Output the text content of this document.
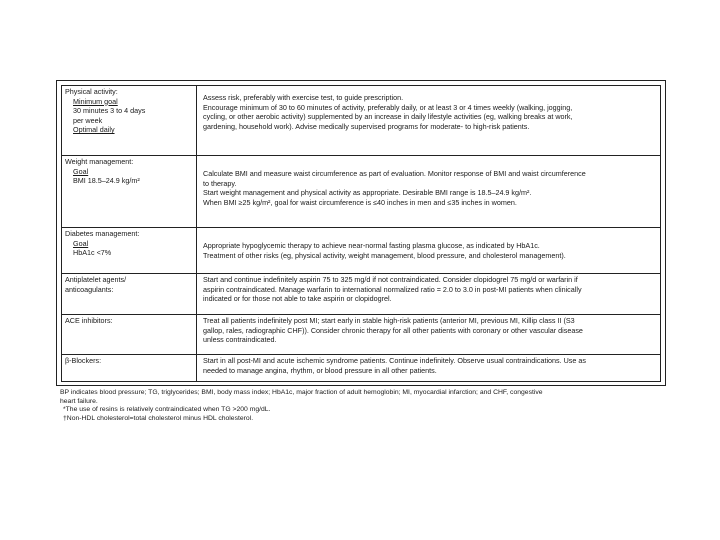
Physical activity:
Minimum goal
30 minutes 3 to 4 days
per week
Optimal daily
Assess risk, preferably with exercise test, to guide prescription.
Encourage minimum of 30 to 60 minutes of activity, preferably daily, or at least 3 or 4 times weekly (walking, jogging,
cycling, or other aerobic activity) supplemented by an increase in daily lifestyle activities (eg, walking breaks at work,
gardening, household work). Advise medically supervised programs for moderate- to high-risk patients.
Weight management:
Goal
BMI 18.5–24.9 kg/m²
Calculate BMI and measure waist circumference as part of evaluation. Monitor response of BMI and waist circumference
to therapy.
Start weight management and physical activity as appropriate. Desirable BMI range is 18.5–24.9 kg/m².
When BMI ≥25 kg/m², goal for waist circumference is ≤40 inches in men and ≤35 inches in women.
Diabetes management:
Goal
HbA1c <7%
Appropriate hypoglycemic therapy to achieve near-normal fasting plasma glucose, as indicated by HbA1c.
Treatment of other risks (eg, physical activity, weight management, blood pressure, and cholesterol management).
Antiplatelet agents/
anticoagulants:
Start and continue indefinitely aspirin 75 to 325 mg/d if not contraindicated. Consider clopidogrel 75 mg/d or warfarin if
aspirin contraindicated. Manage warfarin to international normalized ratio = 2.0 to 3.0 in post-MI patients when clinically
indicated or for those not able to take aspirin or clopidogrel.
ACE inhibitors:	Treat all patients indefinitely post MI; start early in stable high-risk patients (anterior MI, previous MI, Killip class II (S3
gallop, rales, radiographic CHF)). Consider chronic therapy for all other patients with coronary or other vascular disease
unless contraindicated.
β-Blockers:	Start in all post-MI and acute ischemic syndrome patients. Continue indefinitely. Observe usual contraindications. Use as
needed to manage angina, rhythm, or blood pressure in all other patients.
BP indicates blood pressure; TG, triglycerides; BMI, body mass index; HbA1c, major fraction of adult hemoglobin; MI, myocardial infarction; and CHF, congestive
heart failure.
*The use of resins is relatively contraindicated when TG >200 mg/dL.
†Non-HDL cholesterol=total cholesterol minus HDL cholesterol.
